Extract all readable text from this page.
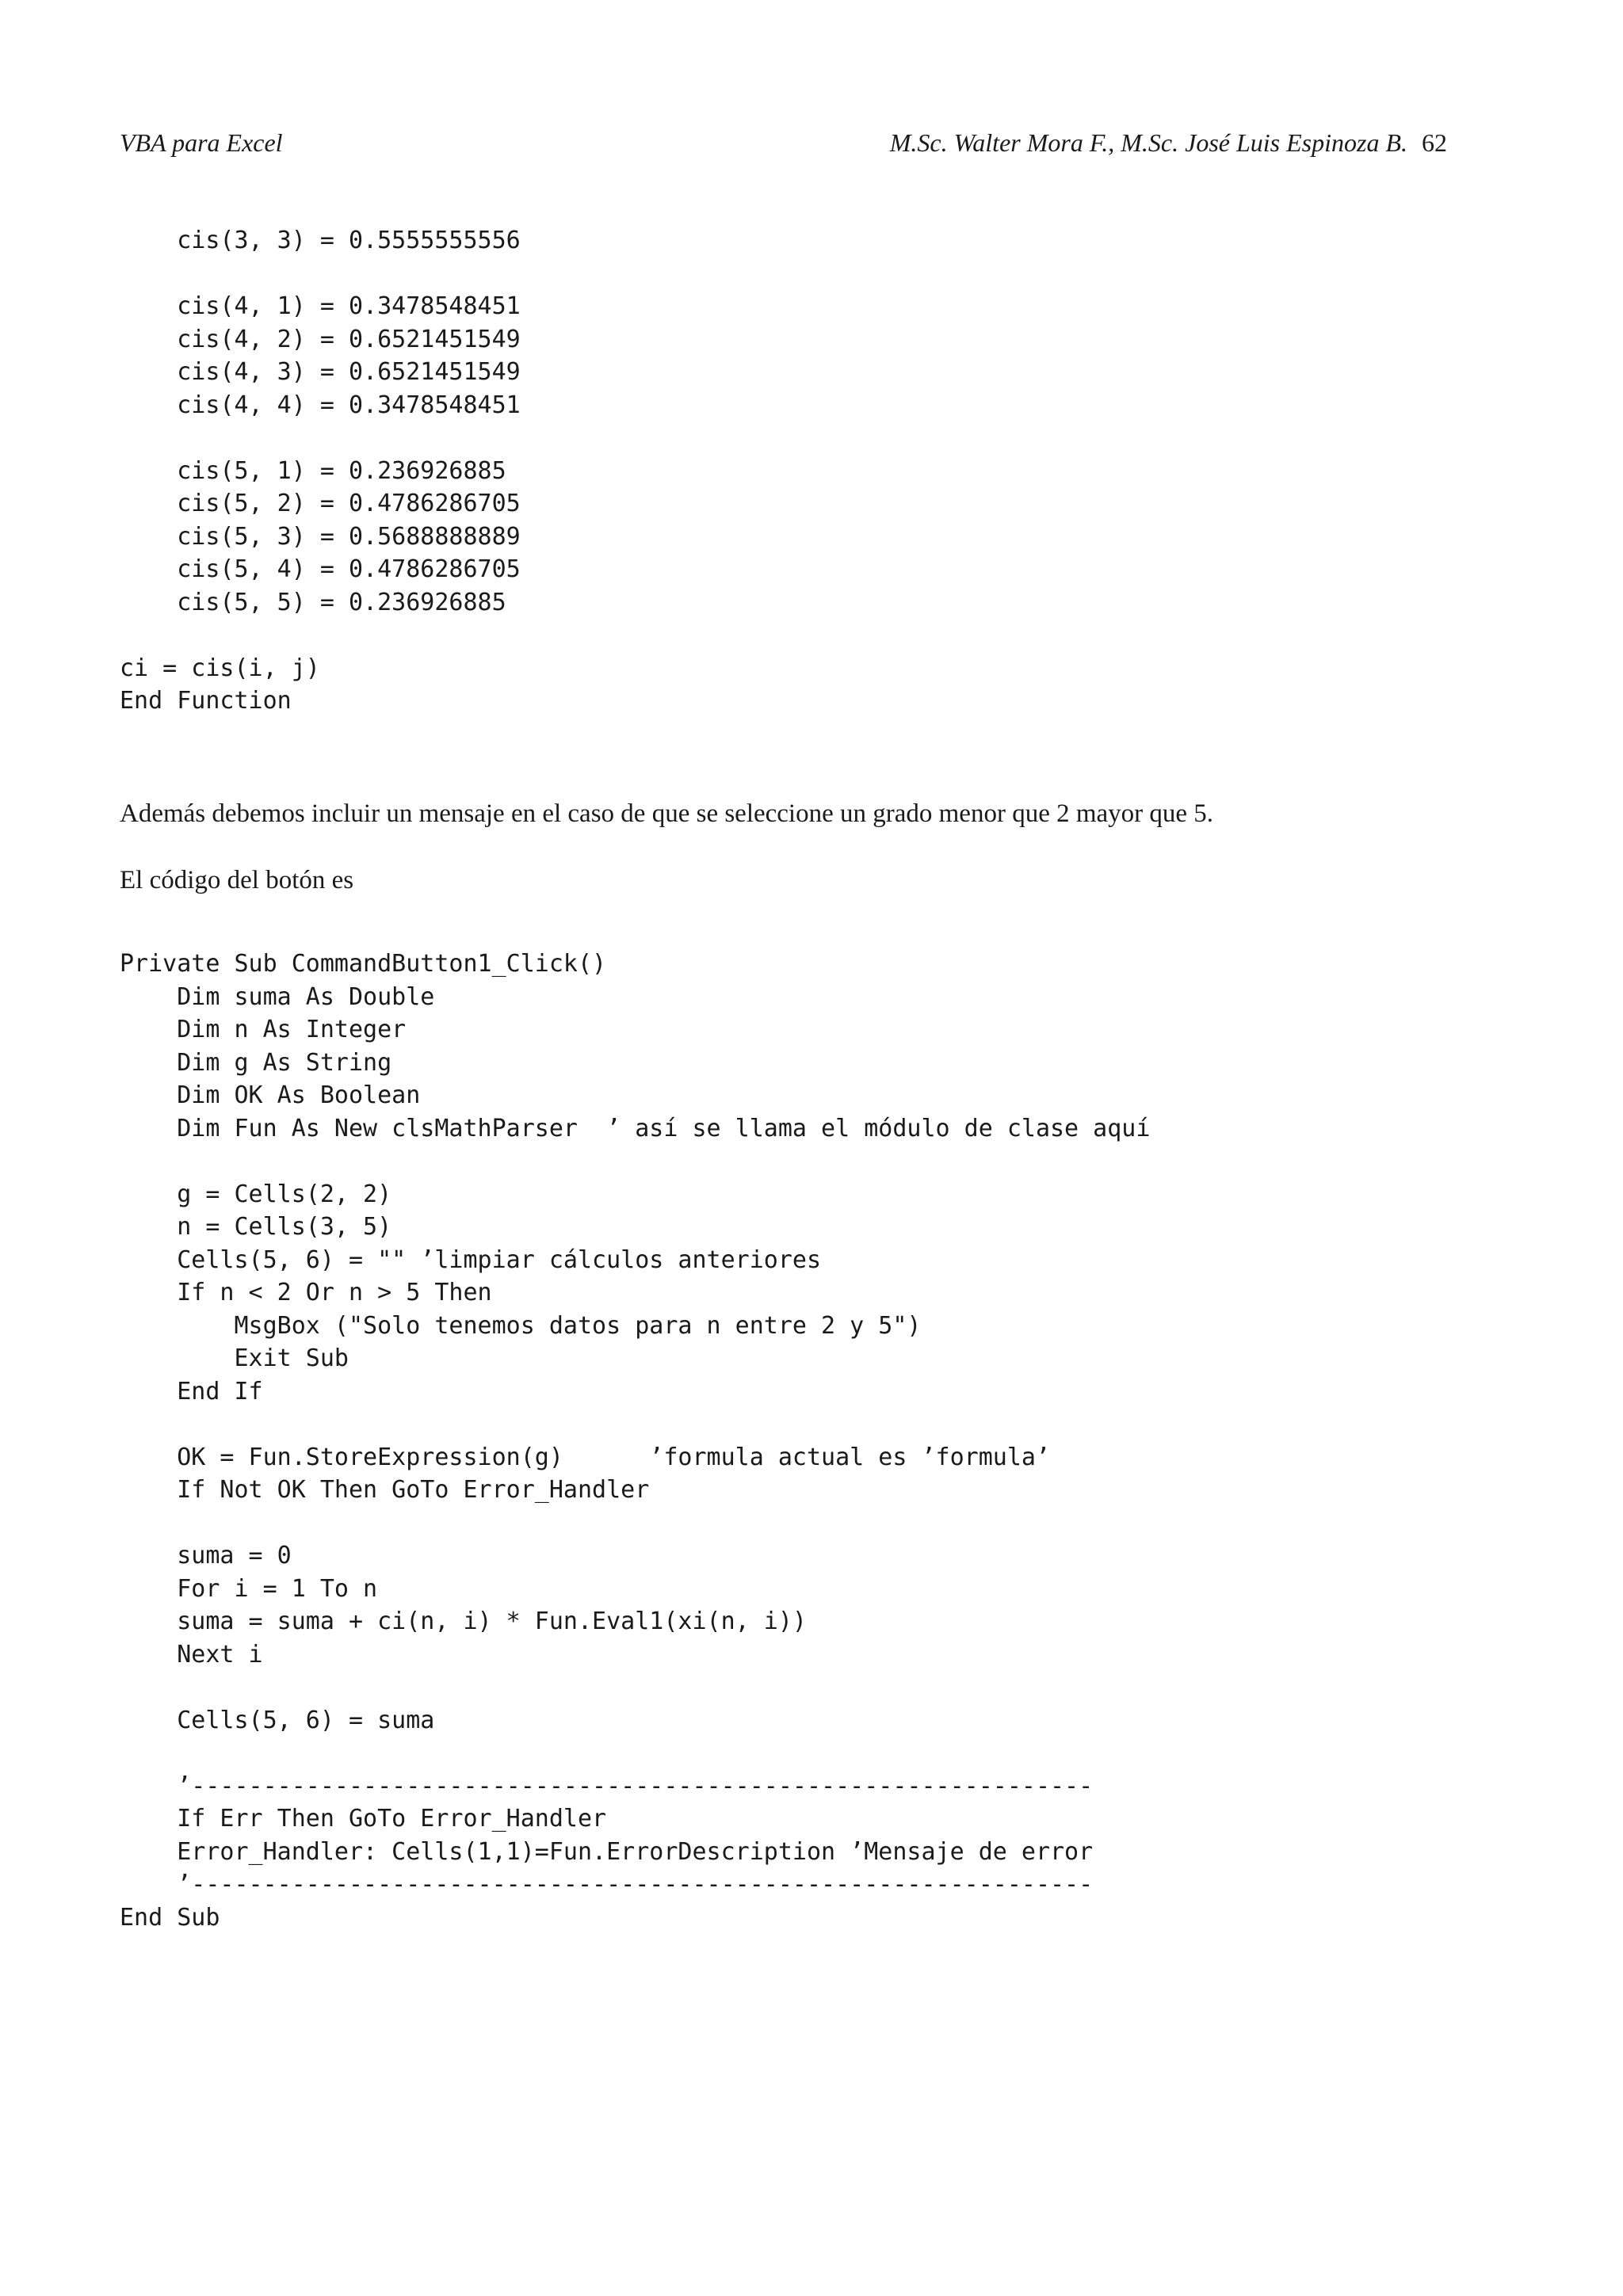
VBA para Excel	M.Sc. Walter Mora F., M.Sc. José Luis Espinoza B. 62
cis(3, 3) = 0.5555555556
cis(4, 1) = 0.3478548451
cis(4, 2) = 0.6521451549
cis(4, 3) = 0.6521451549
cis(4, 4) = 0.3478548451
cis(5, 1) = 0.236926885
cis(5, 2) = 0.4786286705
cis(5, 3) = 0.5688888889
cis(5, 4) = 0.4786286705
cis(5, 5) = 0.236926885
ci = cis(i, j)
End Function
Además debemos incluir un mensaje en el caso de que se seleccione un grado menor que 2 mayor que 5.
El código del botón es
Private Sub CommandButton1_Click()
Dim suma As Double
Dim n As Integer
Dim g As String
Dim OK As Boolean
Dim Fun As New clsMathParser  ’ así se llama el módulo de clase aquí
g = Cells(2, 2)
n = Cells(3, 5)
Cells(5, 6) = "" ’limpiar cálculos anteriores
If n < 2 Or n > 5 Then
MsgBox ("Solo tenemos datos para n entre 2 y 5")
Exit Sub
End If
OK = Fun.StoreExpression(g)      ’formula actual es ’formula’
If Not OK Then GoTo Error_Handler
suma = 0
For i = 1 To n
suma = suma + ci(n, i) * Fun.Eval1(xi(n, i))
Next i
Cells(5, 6) = suma
’---------------------------------------------------------------
If Err Then GoTo Error_Handler
Error_Handler: Cells(1,1)=Fun.ErrorDescription ’Mensaje de error
’---------------------------------------------------------------
End Sub
